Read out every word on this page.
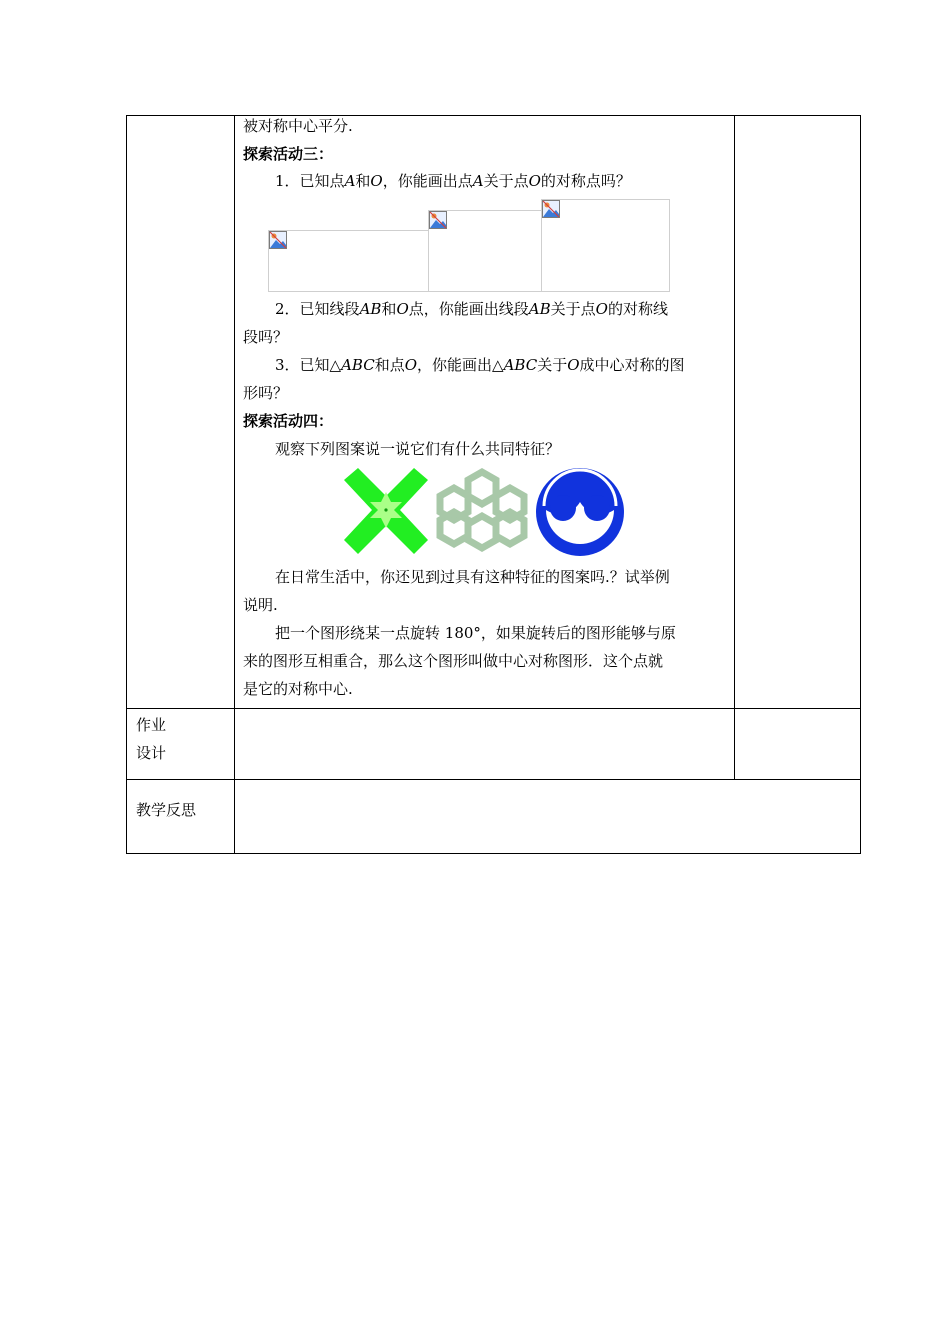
被对称中心平分.
探索活动三：
1．已知点A和O，你能画出点A关于点O的对称点吗？
2．已知线段AB和O点，你能画出线段AB关于点O的对称线
段吗？
3．已知△ABC和点O，你能画出△ABC关于O成中心对称的图
形吗？
探索活动四：
观察下列图案说一说它们有什么共同特征？
在日常生活中，你还见到过具有这种特征的图案吗.？试举例
说明.
把一个图形绕某一点旋转 180°，如果旋转后的图形能够与原
来的图形互相重合，那么这个图形叫做中心对称图形．这个点就
是它的对称中心.
作业
设计
教学反思
